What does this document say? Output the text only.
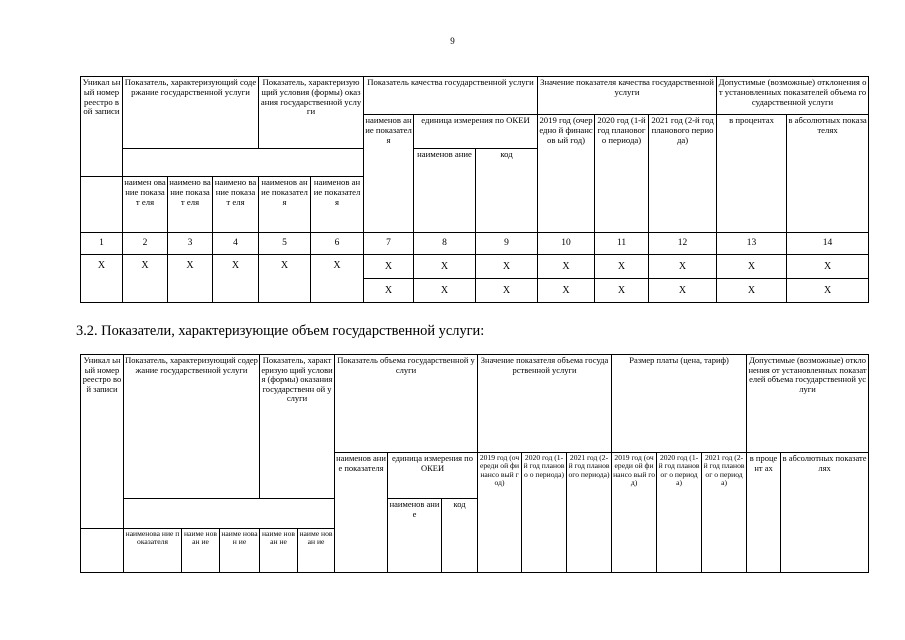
9
Уникал ьный номер реестро вой записи	Показатель, характеризующий содержание государственной услуги			Показатель, характеризующий условия (формы) оказания государственной услуги		Показатель качества государственной услуги			Значение показателя качества государственной услуги			Допустимые (возможные) отклонения от установленных показателей объема государственной услуги	
						наименов ание показателя	единица измерения по ОКЕИ		2019 год (очередно й финансов ый год)	2020 год (1-й год планового периода)	2021 год (2-й год планового периода)	в процентах	в абсолютных показателях
							наименов ание	код					
	наимен ование показат еля	наимено вание показат еля	наимено вание показат еля	наименов ание показателя	наименов ание показателя								
1	2	3	4	5	6	7	8	9	10	11	12	13	14
X	X	X	X	X	X	X	X	X	X	X	X	X	X
						X	X	X	X	X	X	X	X
3.2. Показатели, характеризующие объем государственной услуги:
Уникал ьный номер реестро вой записи	Показатель, характеризующий содержание государственной услуги			Показатель, характеризую щий условия (формы) оказания государственн ой услуги		Показатель объема государственной услуги			Значение показателя объема государственной услуги			Размер платы (цена, тариф)			Допустимые (возможные) отклонения от установленных показателей объема государственной услуги	
						наименов ание показателя	единица измерения по ОКЕИ		2019 год (очереди ой финансо вый год)	2020 год (1-й год планово о периода)	2021 год (2-й год планового периода)	2019 год (очереди ой финансо вый год)	2020 год (1-й год плановог о периода)	2021 год (2-й год плановог о периода)	в процент ах	в абсолютных показателях
							наименов ание	код								
	наименова ние показателя	наиме нован ие	наиме нован ие	наиме нован не	наиме нован ие											
